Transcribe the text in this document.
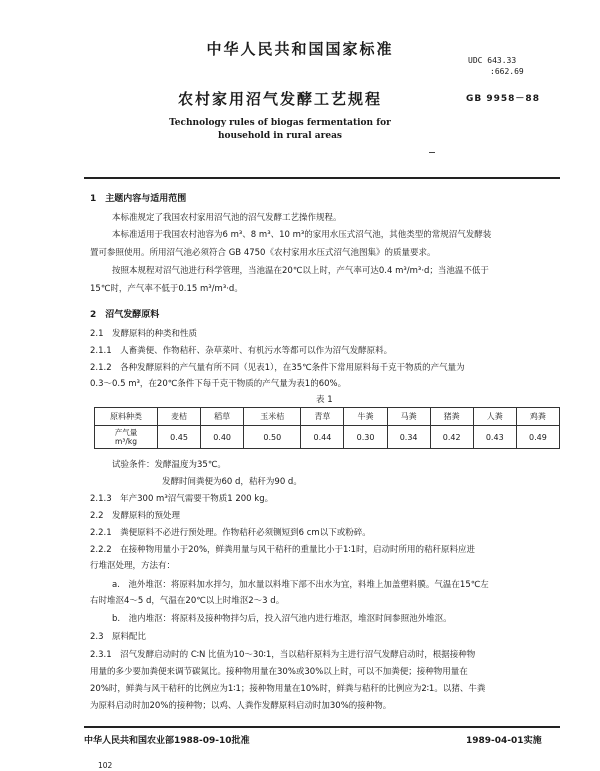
中华人民共和国国家标准
UDC 643.33
:662.69
农村家用沼气发酵工艺规程	GB 9958－88
Technology rules of biogas fermentation for
household in rural areas
1　主题内容与适用范围
本标准规定了我国农村家用沼气池的沼气发酵工艺操作规程。
本标准适用于我国农村池容为6 m³、8 m³、10 m³的家用水压式沼气池，其他类型的常规沼气发酵装
置可参照使用。所用沼气池必须符合 GB 4750《农村家用水压式沼气池图集》的质量要求。
按照本规程对沼气池进行科学管理，当池温在20℃以上时，产气率可达0.4 m³/m³·d；当池温不低于
15℃时，产气率不低于0.15 m³/m³·d。
2　沼气发酵原料
2.1　发酵原料的种类和性质
2.1.1　人畜粪便、作物秸秆、杂草菜叶、有机污水等都可以作为沼气发酵原料。
2.1.2　各种发酵原料的产气量有所不同（见表1），在35℃条件下常用原料每千克干物质的产气量为
0.3～0.5 m³，在20℃条件下每千克干物质的产气量为表1的60%。
表 1
原料种类	麦桔	稻草	玉米桔	青草	牛粪	马粪	猪粪	人粪	鸡粪

产气量
m³/kg	0.45	0.40	0.50	0.44	0.30	0.34	0.42	0.43	0.49
试验条件：发酵温度为35℃。
发酵时间粪便为60 d，秸秆为90 d。
2.1.3　年产300 m³沼气需要干物质1 200 kg。
2.2　发酵原料的预处理
2.2.1　粪便原料不必进行预处理。作物秸秆必须铡短到6 cm以下或粉碎。
2.2.2　在接种物用量小于20%，鲜粪用量与风干秸秆的重量比小于1∶1时，启动时所用的秸秆原料应进
行堆沤处理，方法有：
a.　池外堆沤：将原料加水拌匀，加水量以料堆下部不出水为宜，料堆上加盖塑料膜。气温在15℃左
右时堆沤4～5 d，气温在20℃以上时堆沤2～3 d。
b.　池内堆沤：将原料及接种物拌匀后，投入沼气池内进行堆沤，堆沤时间参照池外堆沤。
2.3　原料配比
2.3.1　沼气发酵启动时的 C∶N 比值为10～30∶1，当以秸秆原料为主进行沼气发酵启动时，根据接种物
用量的多少要加粪便来调节碳氮比。接种物用量在30%或30%以上时，可以不加粪便；接种物用量在
20%时，鲜粪与风干秸秆的比例应为1∶1；接种物用量在10%时，鲜粪与秸秆的比例应为2∶1。以猪、牛粪
为原料启动时加20%的接种物；以鸡、人粪作发酵原料启动时加30%的接种物。
中华人民共和国农业部1988-09-10批准	1989-04-01实施
102
